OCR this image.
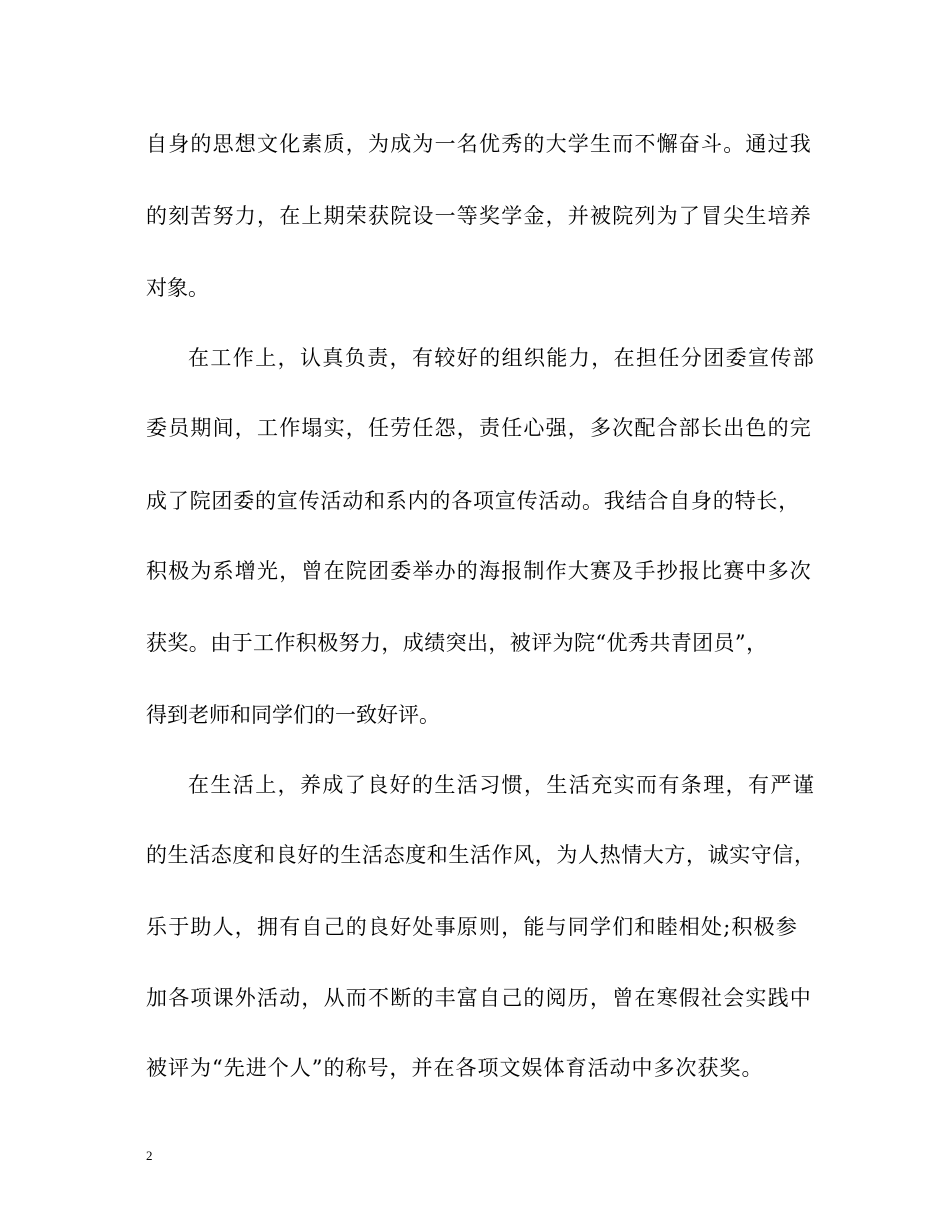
自身的思想文化素质，为成为一名优秀的大学生而不懈奋斗。通过我
的刻苦努力，在上期荣获院设一等奖学金，并被院列为了冒尖生培养
对象。
在工作上，认真负责，有较好的组织能力，在担任分团委宣传部
委员期间，工作塌实，任劳任怨，责任心强，多次配合部长出色的完
成了院团委的宣传活动和系内的各项宣传活动。我结合自身的特长，
积极为系增光，曾在院团委举办的海报制作大赛及手抄报比赛中多次
获奖。由于工作积极努力，成绩突出，被评为院“优秀共青团员”，
得到老师和同学们的一致好评。
在生活上，养成了良好的生活习惯，生活充实而有条理，有严谨
的生活态度和良好的生活态度和生活作风，为人热情大方，诚实守信，
乐于助人，拥有自己的良好处事原则，能与同学们和睦相处;积极参
加各项课外活动，从而不断的丰富自己的阅历，曾在寒假社会实践中
被评为“先进个人”的称号，并在各项文娱体育活动中多次获奖。
2
